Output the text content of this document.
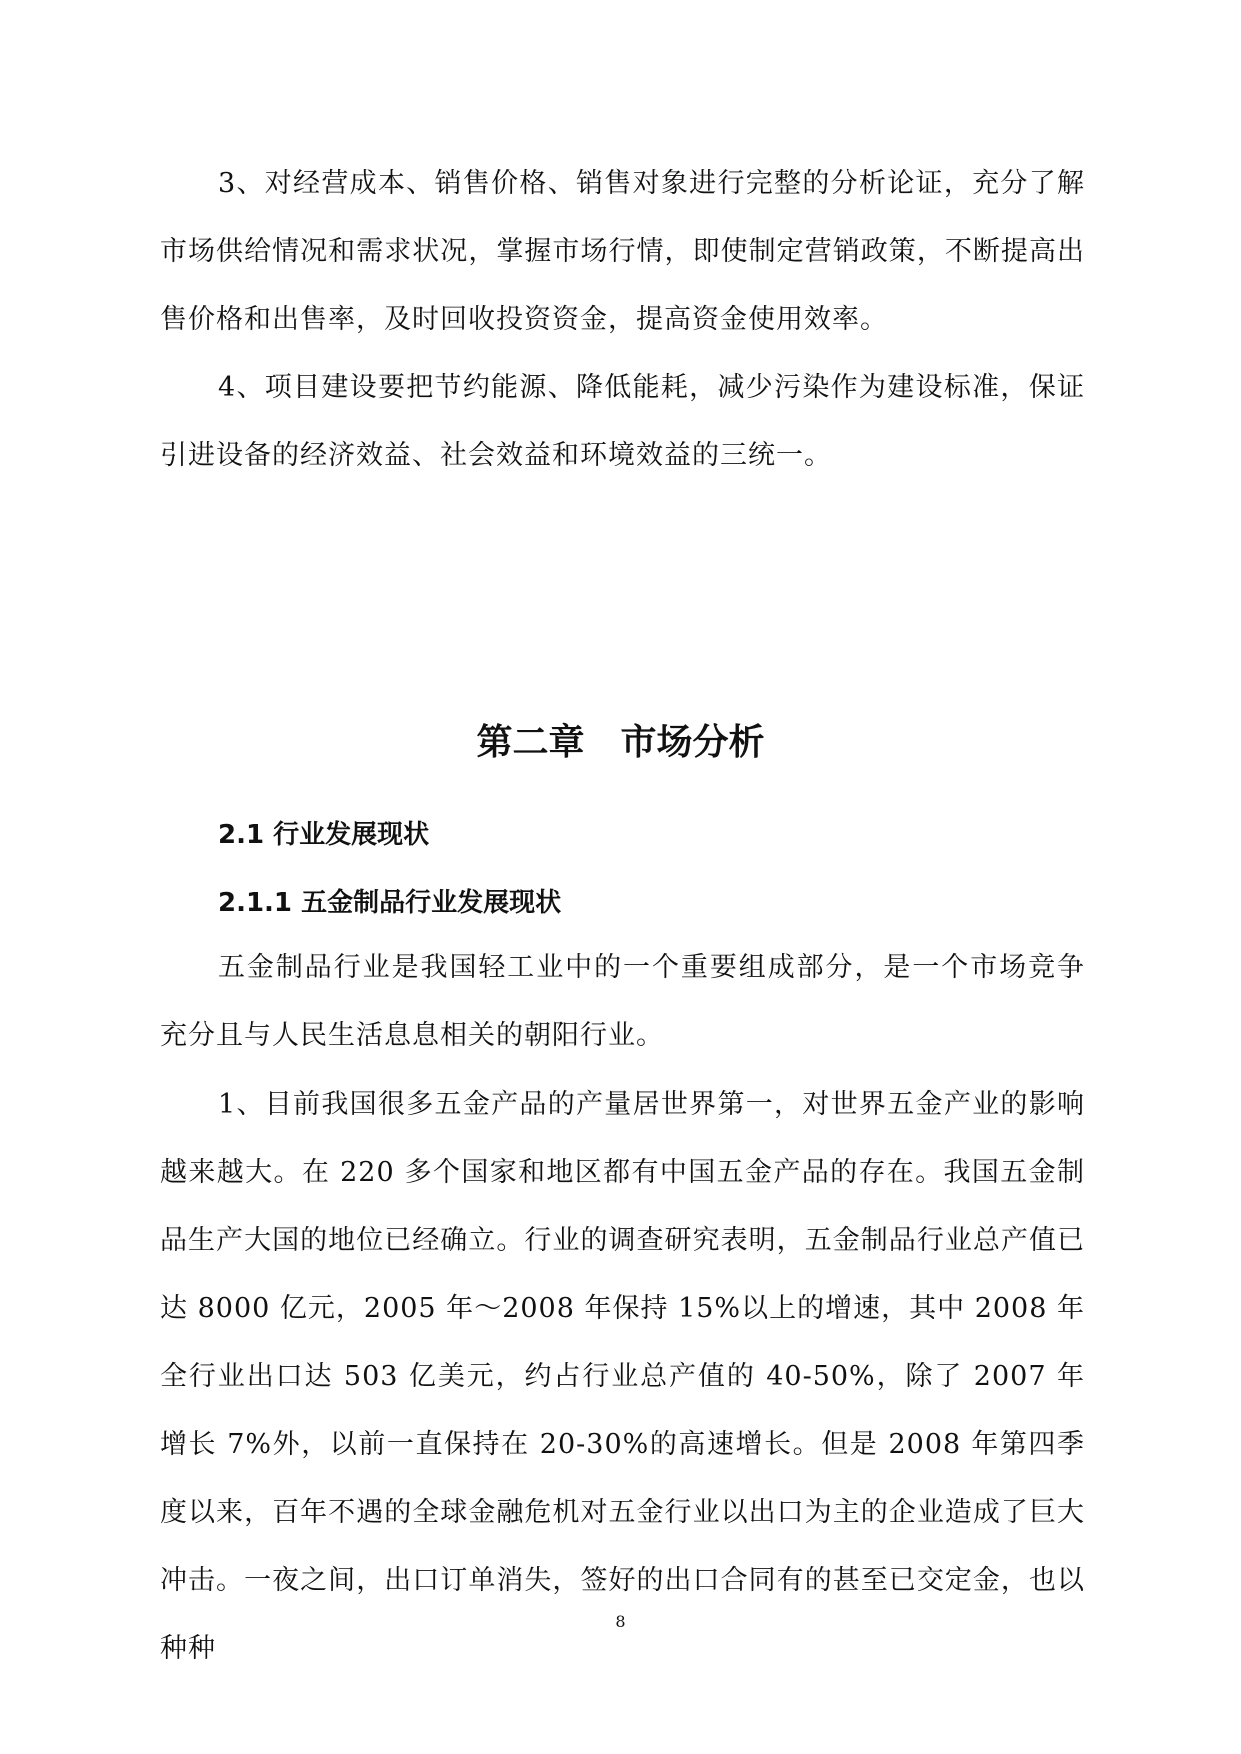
3、对经营成本、销售价格、销售对象进行完整的分析论证，充分了解市场供给情况和需求状况，掌握市场行情，即使制定营销政策，不断提高出售价格和出售率，及时回收投资资金，提高资金使用效率。

4、项目建设要把节约能源、降低能耗，减少污染作为建设标准，保证引进设备的经济效益、社会效益和环境效益的三统一。

第二章　市场分析
2.1 行业发展现状
2.1.1 五金制品行业发展现状

五金制品行业是我国轻工业中的一个重要组成部分，是一个市场竞争充分且与人民生活息息相关的朝阳行业。

1、目前我国很多五金产品的产量居世界第一，对世界五金产业的影响越来越大。在 220 多个国家和地区都有中国五金产品的存在。我国五金制品生产大国的地位已经确立。行业的调查研究表明，五金制品行业总产值已达 8000 亿元，2005 年～2008 年保持 15%以上的增速，其中 2008 年全行业出口达 503 亿美元，约占行业总产值的 40-50%，除了 2007 年增长 7%外，以前一直保持在 20-30%的高速增长。但是 2008 年第四季度以来，百年不遇的全球金融危机对五金行业以出口为主的企业造成了巨大冲击。一夜之间，出口订单消失，签好的出口合同有的甚至已交定金，也以种种

8
